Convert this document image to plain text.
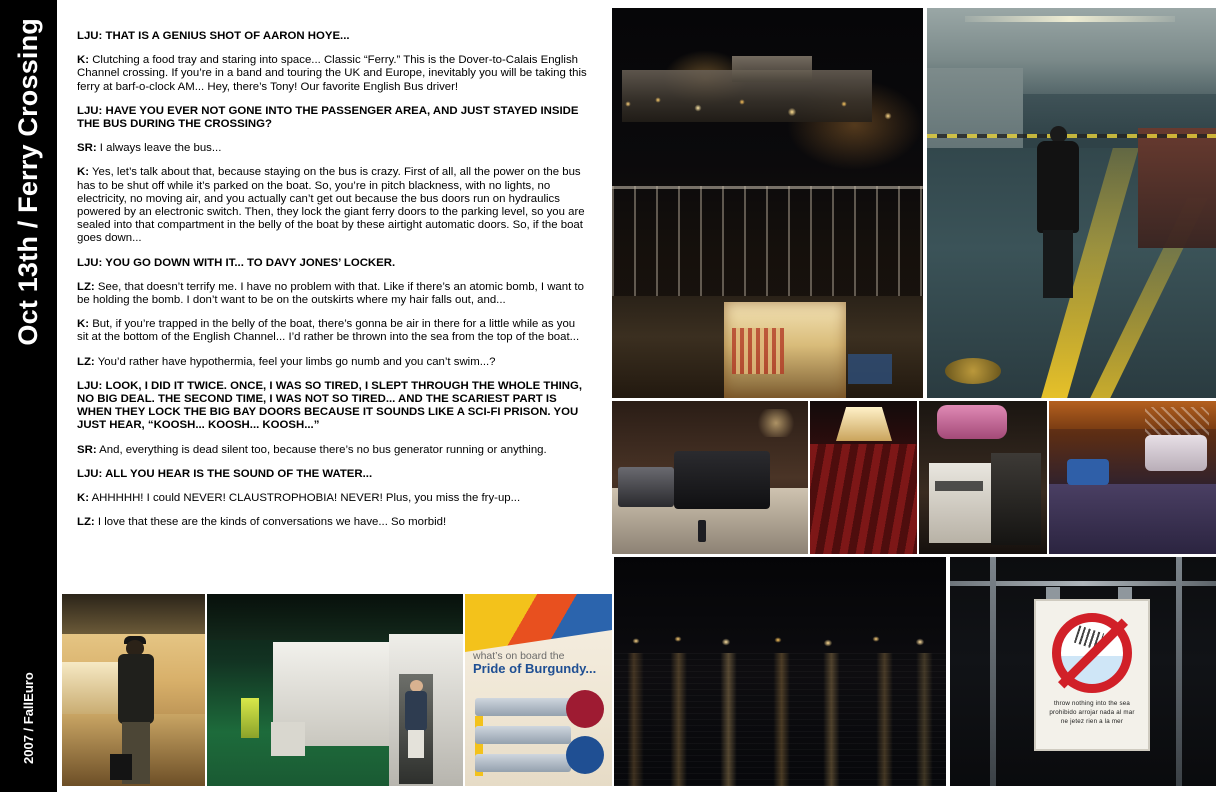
Oct 13th / Ferry Crossing
2007 / FallEuro

LJU: THAT IS A GENIUS SHOT OF AARON HOYE...

K: Clutching a food tray and staring into space... Classic “Ferry.” This is the Dover-to-Calais English Channel crossing. If you’re in a band and touring the UK and Europe, inevitably you will be taking this ferry at barf-o-clock AM... Hey, there’s Tony! Our favorite English Bus driver!

LJU: HAVE YOU EVER NOT GONE INTO THE PASSENGER AREA, AND JUST STAYED INSIDE THE BUS DURING THE CROSSING?

SR: I always leave the bus...

K: Yes, let’s talk about that, because staying on the bus is crazy. First of all, all the power on the bus has to be shut off while it’s parked on the boat. So, you’re in pitch blackness, with no lights, no electricity, no moving air, and you actually can’t get out because the bus doors run on hydraulics powered by an electronic switch. Then, they lock the giant ferry doors to the parking level, so you are sealed into that compartment in the belly of the boat by these airtight automatic doors. So, if the boat goes down...

LJU: YOU GO DOWN WITH IT... TO DAVY JONES’ LOCKER.

LZ: See, that doesn’t terrify me. I have no problem with that. Like if there’s an atomic bomb, I want to be holding the bomb. I don’t want to be on the outskirts where my hair falls out, and...

K: But, if you’re trapped in the belly of the boat, there’s gonna be air in there for a little while as you sit at the bottom of the English Channel... I’d rather be thrown into the sea from the top of the boat...

LZ: You’d rather have hypothermia, feel your limbs go numb and you can’t swim...?

LJU: LOOK, I DID IT TWICE. ONCE, I WAS SO TIRED, I SLEPT THROUGH THE WHOLE THING, NO BIG DEAL. THE SECOND TIME, I WAS NOT SO TIRED... AND THE SCARIEST PART IS WHEN THEY LOCK THE BIG BAY DOORS BECAUSE IT SOUNDS LIKE A SCI-FI PRISON. YOU JUST HEAR, “KOOSH... KOOSH... KOOSH...”

SR: And, everything is dead silent too, because there’s no bus generator running or anything.

LJU: ALL YOU HEAR IS THE SOUND OF THE WATER...

K: AHHHHH! I could NEVER! CLAUSTROPHOBIA! NEVER! Plus, you miss the fry-up...

LZ: I love that these are the kinds of conversations we have... So morbid!

what’s on board the
Pride of Burgundy...
throw nothing into the sea
prohibido arrojar nada al mar
ne jetez rien a la mer
